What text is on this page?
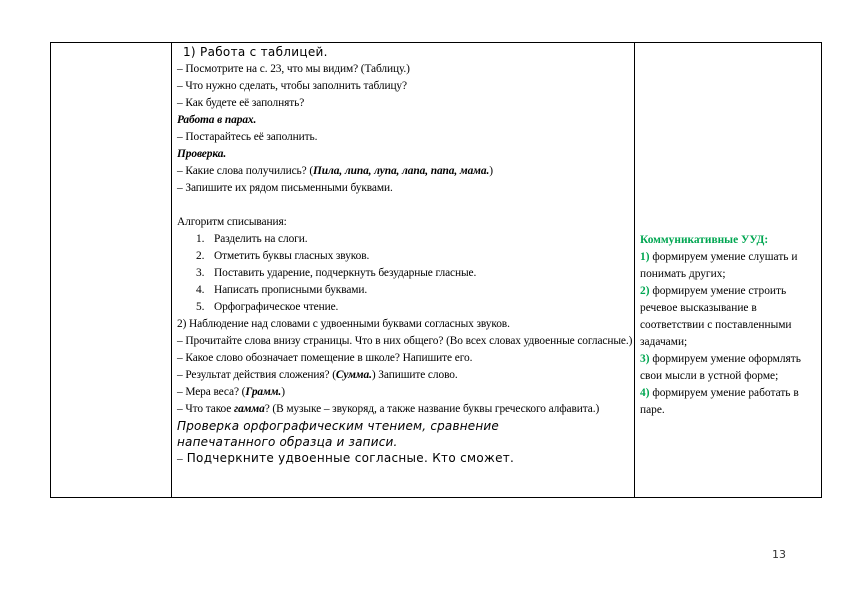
1) Работа с таблицей.
– Посмотрите на с. 23, что мы видим? (Таблицу.)
– Что нужно сделать, чтобы заполнить таблицу?
– Как будете её заполнять?
Работа в парах.
– Постарайтесь её заполнить.
Проверка.
– Какие слова получились? (Пила, липа, лупа, лапа, папа, мама.)
– Запишите их рядом письменными буквами.
Алгоритм списывания:
1. Разделить на слоги.
2. Отметить буквы гласных звуков.
3. Поставить ударение, подчеркнуть безударные гласные.
4. Написать прописными буквами.
5. Орфографическое чтение.
2) Наблюдение над словами с удвоенными буквами согласных звуков.
– Прочитайте слова внизу страницы. Что в них общего? (Во всех словах удвоенные согласные.)
– Какое слово обозначает помещение в школе? Напишите его.
– Результат действия сложения? (Сумма.) Запишите слово.
– Мера веса? (Грамм.)
– Что такое гамма? (В музыке – звукоряд, а также название буквы греческого алфавита.)
Проверка орфографическим чтением, сравнение
напечатанного образца и записи.
– Подчеркните удвоенные согласные. Кто сможет.
Коммуникативные УУД:
1) формируем умение слушать и понимать других;
2) формируем умение строить речевое высказывание в соответствии с поставленными задачами;
3) формируем умение оформлять свои мысли в устной форме;
4) формируем умение работать в паре.
13
